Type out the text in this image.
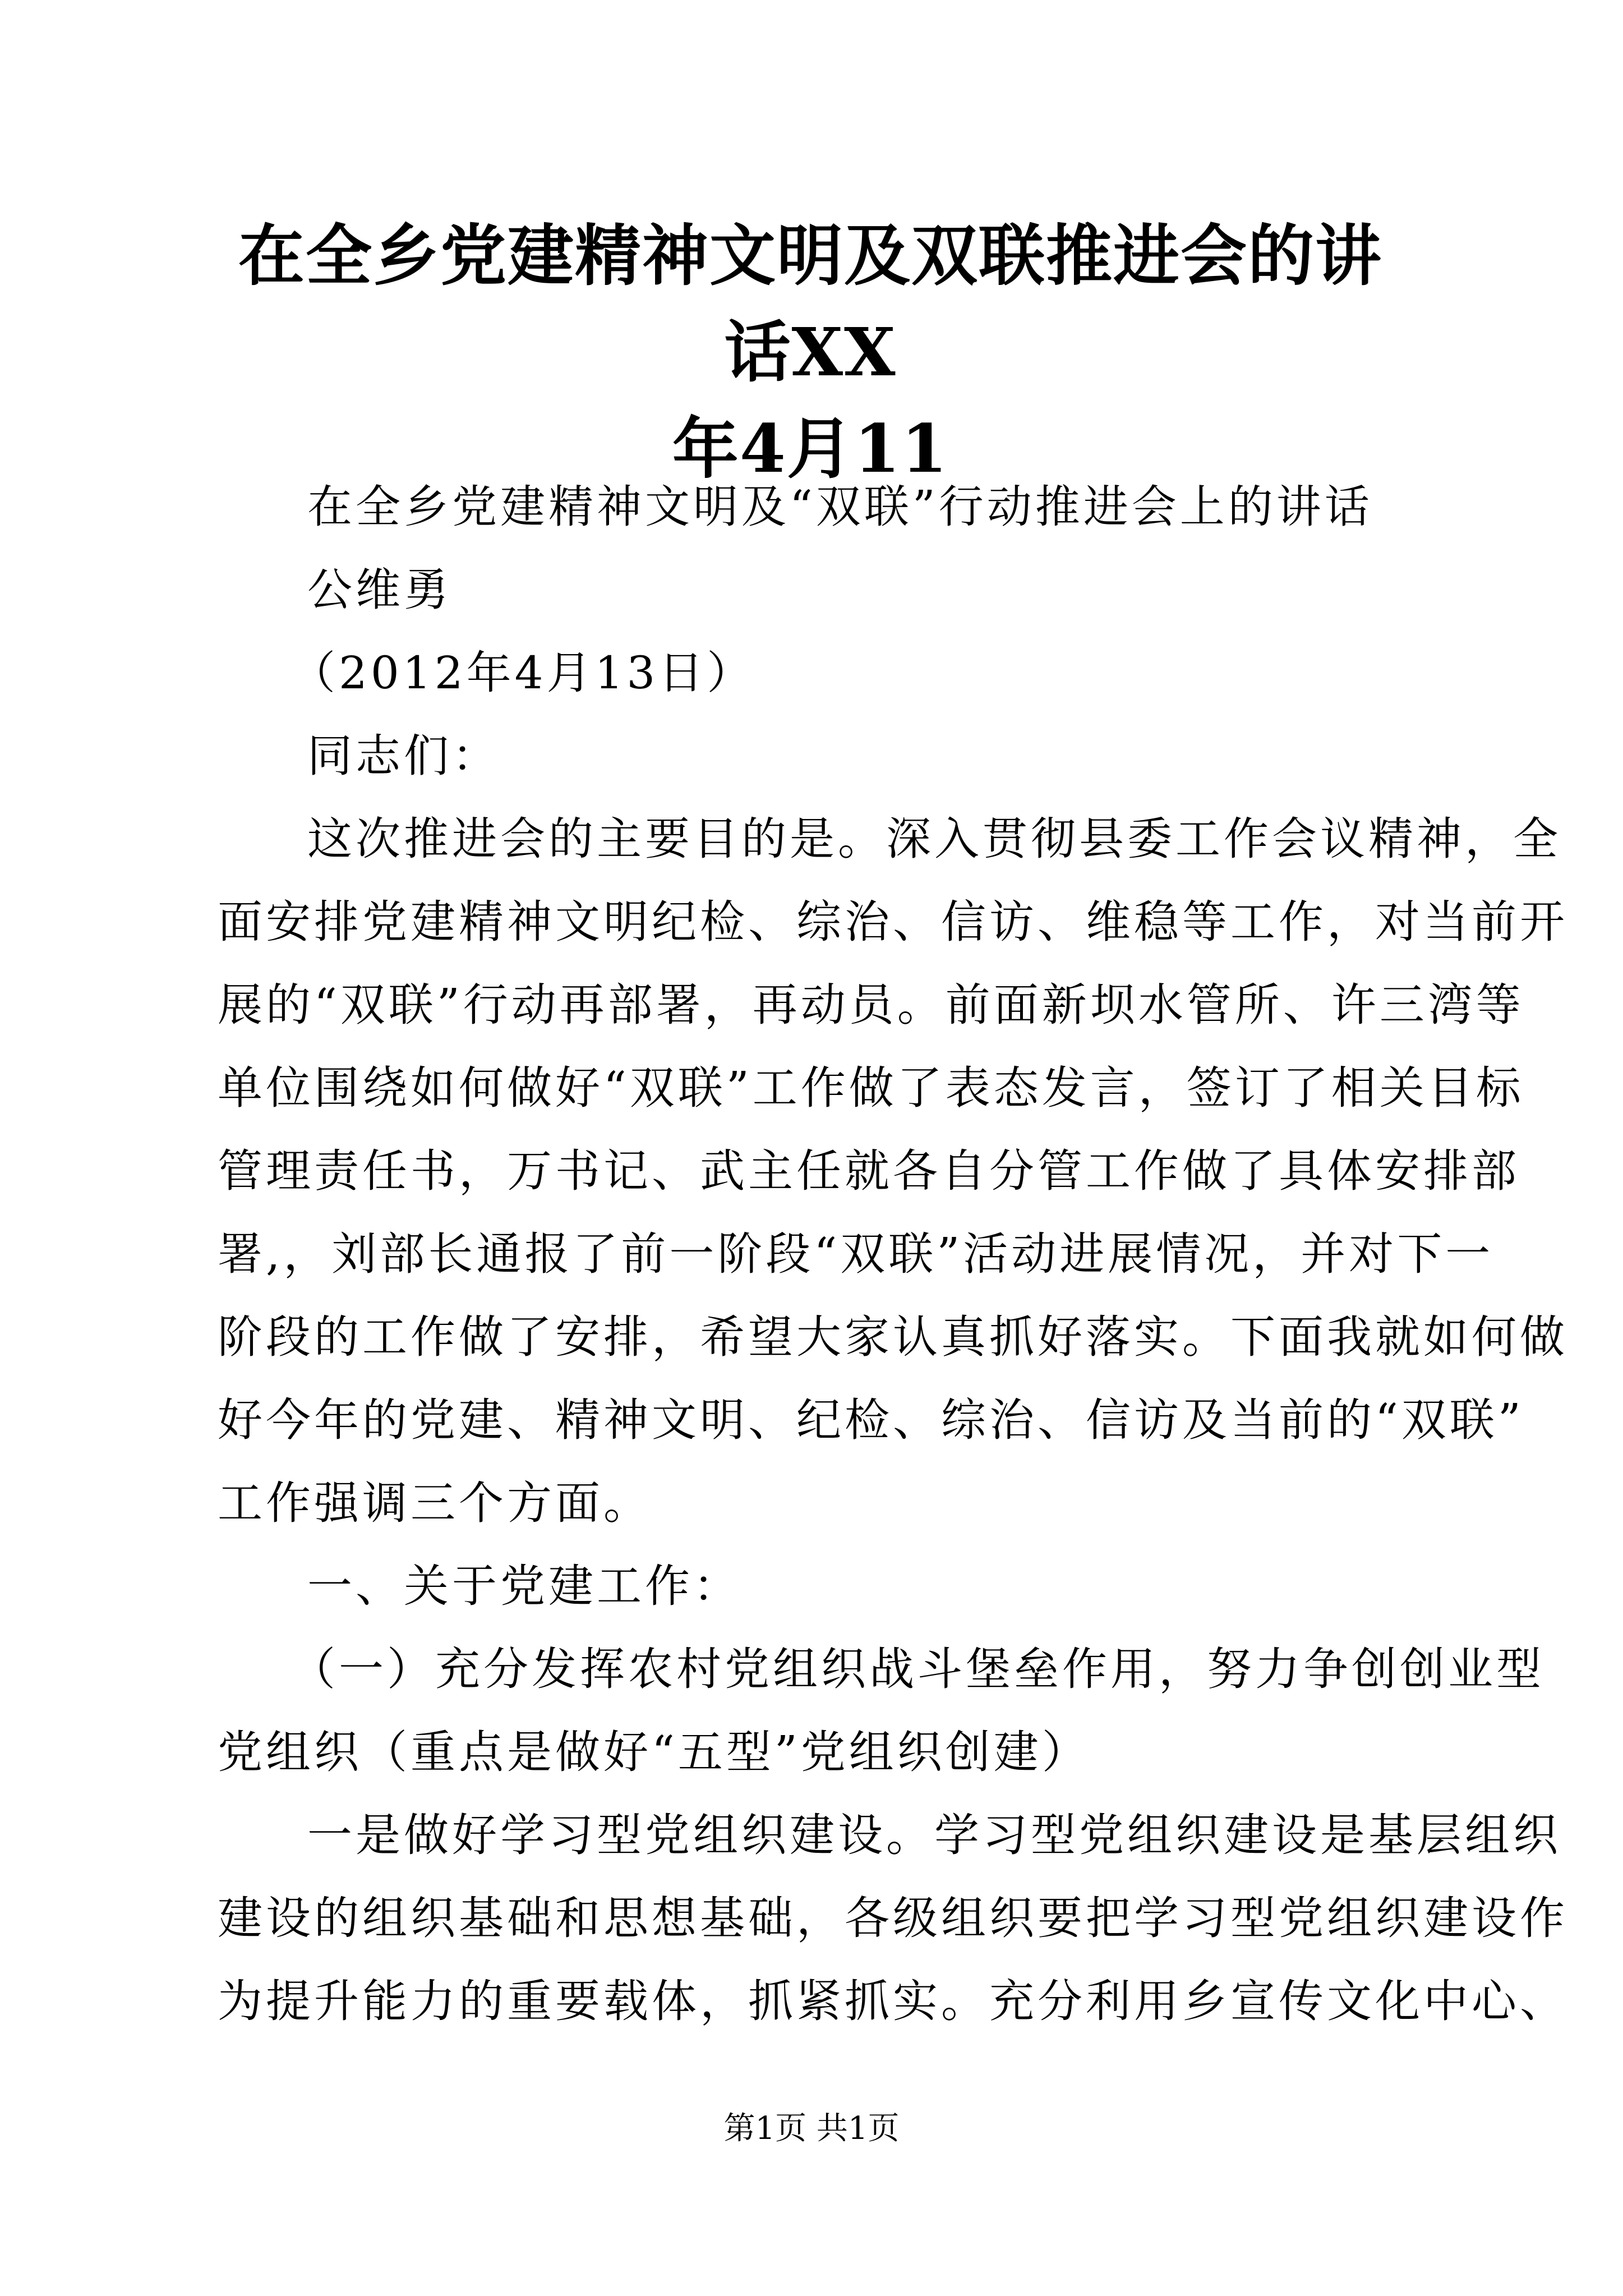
在全乡党建精神文明及双联推进会的讲话XX
年4月11

在全乡党建精神文明及“双联”行动推进会上的讲话

公维勇

（2012年4月13日）

同志们：

这次推进会的主要目的是。深入贯彻县委工作会议精神，全

面安排党建精神文明纪检、综治、信访、维稳等工作，对当前开

展的“双联”行动再部署，再动员。前面新坝水管所、许三湾等

单位围绕如何做好“双联”工作做了表态发言，签订了相关目标

管理责任书，万书记、武主任就各自分管工作做了具体安排部

署,，刘部长通报了前一阶段“双联”活动进展情况，并对下一

阶段的工作做了安排，希望大家认真抓好落实。下面我就如何做

好今年的党建、精神文明、纪检、综治、信访及当前的“双联”

工作强调三个方面。

一、关于党建工作：

（一）充分发挥农村党组织战斗堡垒作用，努力争创创业型

党组织（重点是做好“五型”党组织创建）

一是做好学习型党组织建设。学习型党组织建设是基层组织

建设的组织基础和思想基础，各级组织要把学习型党组织建设作

为提升能力的重要载体，抓紧抓实。充分利用乡宣传文化中心、

第1页 共1页
